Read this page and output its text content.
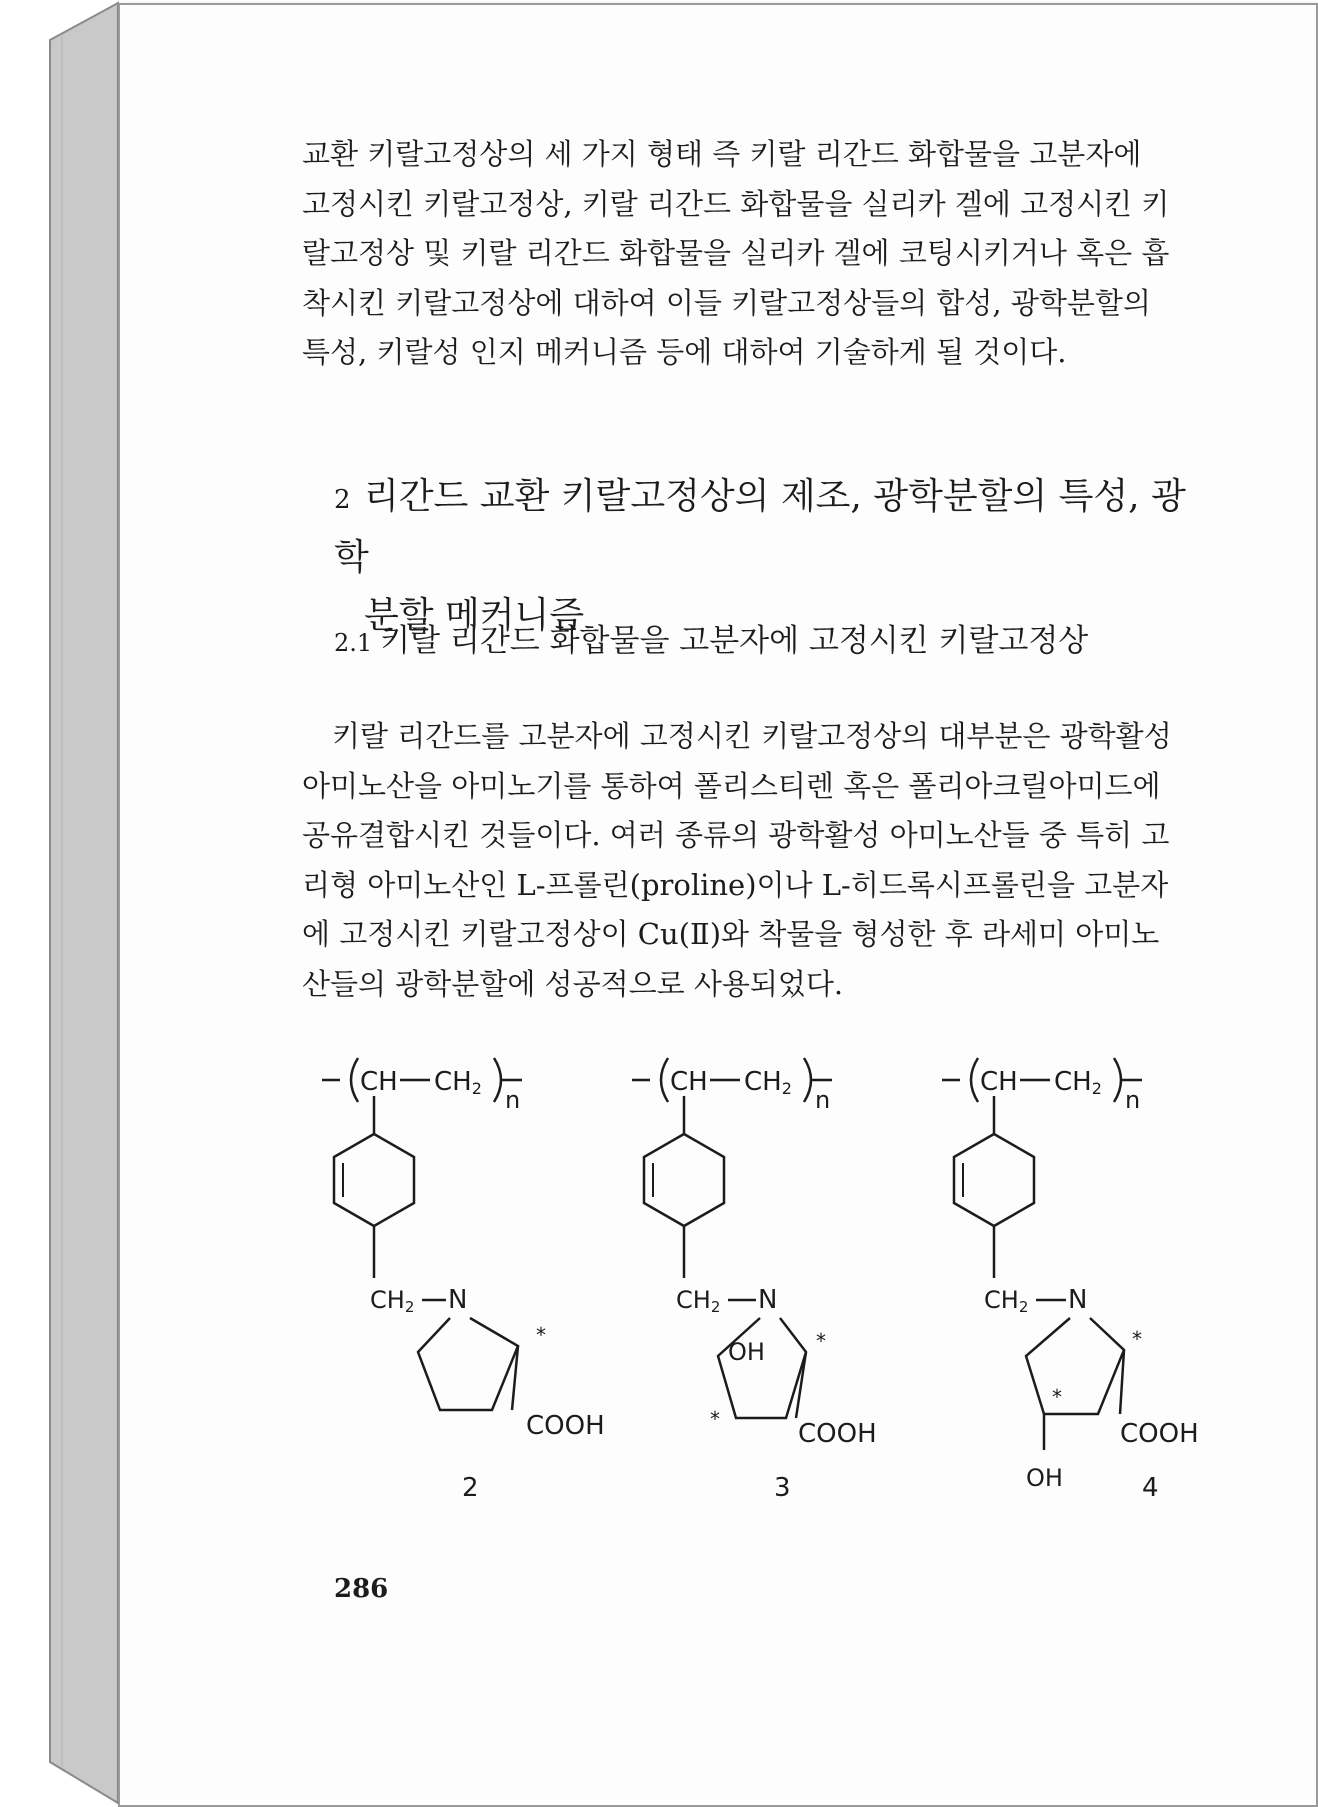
교환 키랄고정상의 세 가지 형태 즉 키랄 리간드 화합물을 고분자에
고정시킨 키랄고정상, 키랄 리간드 화합물을 실리카 겔에 고정시킨 키
랄고정상 및 키랄 리간드 화합물을 실리카 겔에 코팅시키거나 혹은 흡
착시킨 키랄고정상에 대하여 이들 키랄고정상들의 합성, 광학분할의
특성, 키랄성 인지 메커니즘 등에 대하여 기술하게 될 것이다.
2 리간드 교환 키랄고정상의 제조, 광학분할의 특성, 광학
분할 메커니즘
2.1 키랄 리간드 화합물을 고분자에 고정시킨 키랄고정상
키랄 리간드를 고분자에 고정시킨 키랄고정상의 대부분은 광학활성
아미노산을 아미노기를 통하여 폴리스티렌 혹은 폴리아크릴아미드에
공유결합시킨 것들이다. 여러 종류의 광학활성 아미노산들 중 특히 고
리형 아미노산인 L-프롤린(proline)이나 L-히드록시프롤린을 고분자
에 고정시킨 키랄고정상이 Cu(Ⅱ)와 착물을 형성한 후 라세미 아미노
산들의 광학분할에 성공적으로 사용되었다.
CH CH2 n
CH2 N
*
COOH
2
CH CH2 n
CH2 N
OH	*
*	COOH
3
CH CH2 n
CH2 N
*
*
OH
COOH
4

286
